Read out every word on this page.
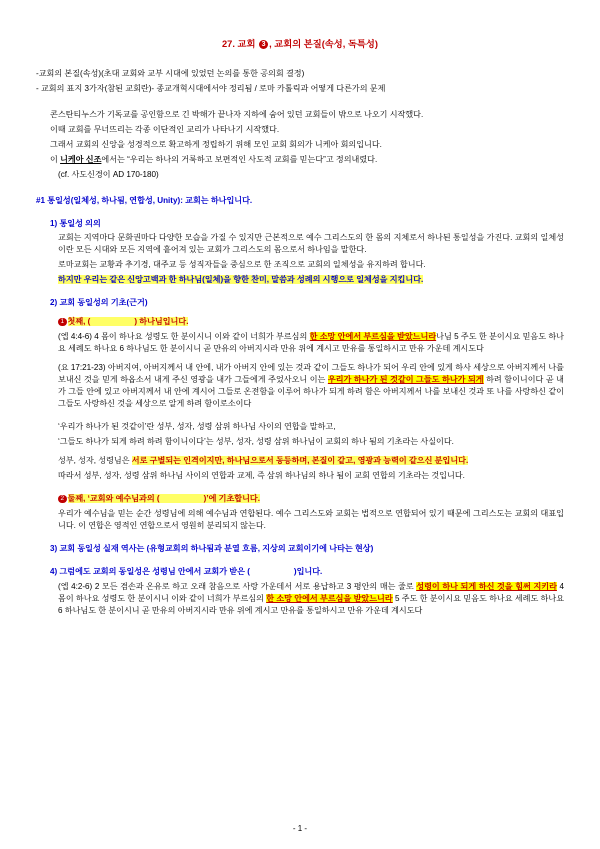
27. 교회 3 , 교회의 본질(속성, 독특성)

-교회의 본질(속성)(초대 교회와 교부 시대에 있었던 논의를 통한 공의회 결정)

- 교회의 표지 3가자(참된 교회란)- 종교개혁시대에서야 정리됨 / 로마 카톨릭과 어떻게 다른가의 문제

콘스탄티누스가 기독교를 공인함으로 긴 박해가 끝나자 지하에 숨어 있던 교회들이 밖으로 나오기 시작했다.

이때 교회를 무너뜨리는 각종 이단적인 교리가 나타나기 시작했다.

그래서 교회의 신앙을 성경적으로 확고하게 정립하기 위해 모인 교회 회의가 니케아 회의입니다.

이 니케아 신조에서는 “우리는 하나의 거룩하고 보편적인 사도적 교회를 믿는다”고 정의내렸다.

(cf. 사도신경이 AD 170-180)

#1 통일성(일체성, 하나됨, 연합성, Unity): 교회는 하나입니다.

1) 통일성 의의

교회는 지역마다 문화권마다 다양한 모습을 가질 수 있지만 근본적으로 예수 그리스도의 한 몸의 지체로서 하나된 통일성을 가진다. 교회의 일체성이란 모든 시대와 모든 지역에 흩어져 있는 교회가 그리스도의 몸으로서 하나임을 말한다.

로마교회는 교황과 추기경, 대주교 등 성직자들을 중심으로 한 조직으로 교회의 일체성을 유지하려 합니다.

하지만 우리는 같은 신앙고백과 한 하나님(일체)을 향한 찬미, 말씀과 성례의 시행으로 일체성을 지킵니다.

2) 교회 동일성의 기초(근거)

1 첫째, (	) 하나님입니다.

(엡 4:4-6) 4 몸이 하나요 성령도 한 분이시니 이와 같이 너희가 부르심의 한 소망 안에서 부르심을 받았느니라나님 5 주도 한 분이시요 믿음도 하나요 세례도 하나요 6 하나님도 한 분이시니 곧 만유의 아버지시라 만유 위에 계시고 만유를 통일하시고 만유 가운데 계시도다

(요 17:21-23) 아버지여, 아버지께서 내 안에, 내가 아버지 안에 있는 것과 같이 그들도 하나가 되어 우리 안에 있게 하사 세상으로 아버지께서 나를 보내신 것을 믿게 하옵소서 내게 주신 영광을 내가 그들에게 주었사오니 이는 우리가 하나가 된 것같이 그들도 하나가 되게 하려 함이니이다 곧 내가 그들 안에 있고 아버지께서 내 안에 계시어 그들로 온전함을 이루어 하나가 되게 하려 함은 아버지께서 나를 보내신 것과 또 나를 사랑하신 같이 그들도 사랑하신 것을 세상으로 알게 하려 함이로소이다

‘우리가 하나가 된 것같이’란 성부, 성자, 성령 삼위 하나님 사이의 연합을 말하고,

‘그들도 하나가 되게 하려 하려 함이니이다’는 성부, 성자, 성령 삼위 하나님이 교회의 하나 됨의 기초라는 사실이다.

성부, 성자, 성령님은 서로 구별되는 인격이지만, 하나님으로서 동등하며, 본질이 같고, 영광과 능력이 같으신 분입니다.

따라서 성부, 성자, 성령 삼위 하나님 사이의 연합과 교제, 즉 삼위 하나님의 하나 됨이 교회 연합의 기초라는 것입니다.

2 둘째, ‘교회와 예수님과의 (	)’에 기초합니다.

우리가 예수님을 믿는 순간 성령님에 의해 예수님과 연합된다. 예수 그리스도와 교회는 법적으로 연합되어 있기 때문에 그리스도는 교회의 대표입니다. 이 연합은 영적인 연합으로서 영원히 분리되지 않는다.

3) 교회 동일성 실재 역사는 (유형교회의 하나됨과 분열 흐름, 지상의 교회이기에 나타는 현상)

4) 그럼에도 교회의 동일성은 성령님 안에서 교회가 받은 (	)입니다.

(엡 4:2-6) 2 모든 겸손과 온유로 하고 오래 참음으로 사랑 가운데서 서로 용납하고 3 평안의 매는 줄로 성령이 하나 되게 하신 것을 힘써 지키라 4 몸이 하나요 성령도 한 분이시니 이와 같이 너희가 부르심의 한 소망 안에서 부르심을 받았느니라 5 주도 한 분이시요 믿음도 하나요 세례도 하나요 6 하나님도 한 분이시니 곧 만유의 아버지시라 만유 위에 계시고 만유를 통일하시고 만유 가운데 계시도다

- 1 -
